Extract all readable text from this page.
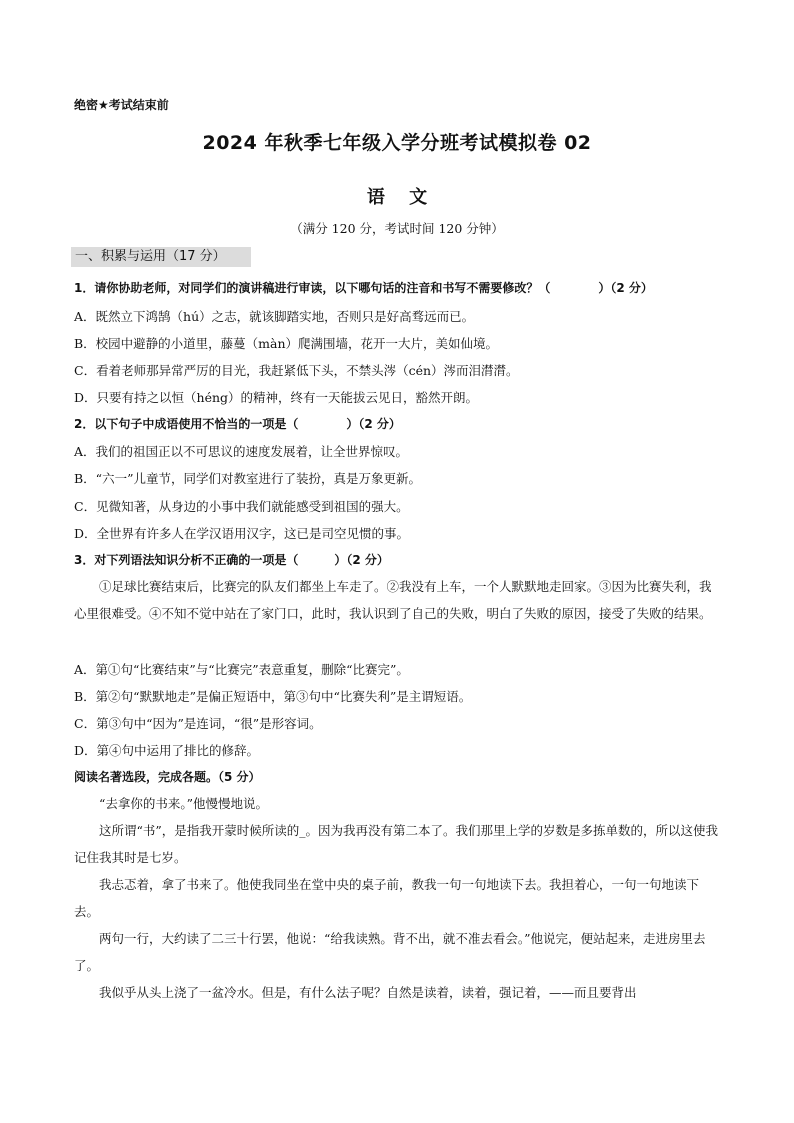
绝密★考试结束前
2024 年秋季七年级入学分班考试模拟卷 02
语 文
（满分 120 分，考试时间 120 分钟）
一、积累与运用（17 分）
1．请你协助老师，对同学们的演讲稿进行审读，以下哪句话的注音和书写不需要修改？（　　　　）（2 分）
A．既然立下鸿鹄（hú）之志，就该脚踏实地，否则只是好高骛远而已。
B．校园中避静的小道里，藤蔓（màn）爬满围墙，花开一大片，美如仙境。
C．看着老师那异常严厉的目光，我赶紧低下头，不禁头涔（cén）涔而泪潸潸。
D．只要有持之以恒（héng）的精神，终有一天能拔云见日，豁然开朗。
2．以下句子中成语使用不恰当的一项是（　　　　）（2 分）
A．我们的祖国正以不可思议的速度发展着，让全世界惊叹。
B．“六一”儿童节，同学们对教室进行了装扮，真是万象更新。
C．见微知著，从身边的小事中我们就能感受到祖国的强大。
D．全世界有许多人在学汉语用汉字，这已是司空见惯的事。
3．对下列语法知识分析不正确的一项是（　　　）（2 分）
①足球比赛结束后，比赛完的队友们都坐上车走了。②我没有上车，一个人默默地走回家。③因为比赛失利，我心里很难受。④不知不觉中站在了家门口，此时，我认识到了自己的失败，明白了失败的原因，接受了失败的结果。
A．第①句“比赛结束”与“比赛完”表意重复，删除“比赛完”。
B．第②句“默默地走”是偏正短语中，第③句中“比赛失利”是主谓短语。
C．第③句中“因为”是连词，“很”是形容词。
D．第④句中运用了排比的修辞。
阅读名著选段，完成各题。（5 分）
“去拿你的书来。”他慢慢地说。
这所谓“书”，是指我开蒙时候所读的_。因为我再没有第二本了。我们那里上学的岁数是多拣单数的，所以这使我记住我其时是七岁。
我忐忑着，拿了书来了。他使我同坐在堂中央的桌子前，教我一句一句地读下去。我担着心，一句一句地读下去。
两句一行，大约读了二三十行罢，他说：“给我读熟。背不出，就不准去看会。”他说完，便站起来，走进房里去了。
我似乎从头上浇了一盆冷水。但是，有什么法子呢？自然是读着，读着，强记着，——而且要背出
